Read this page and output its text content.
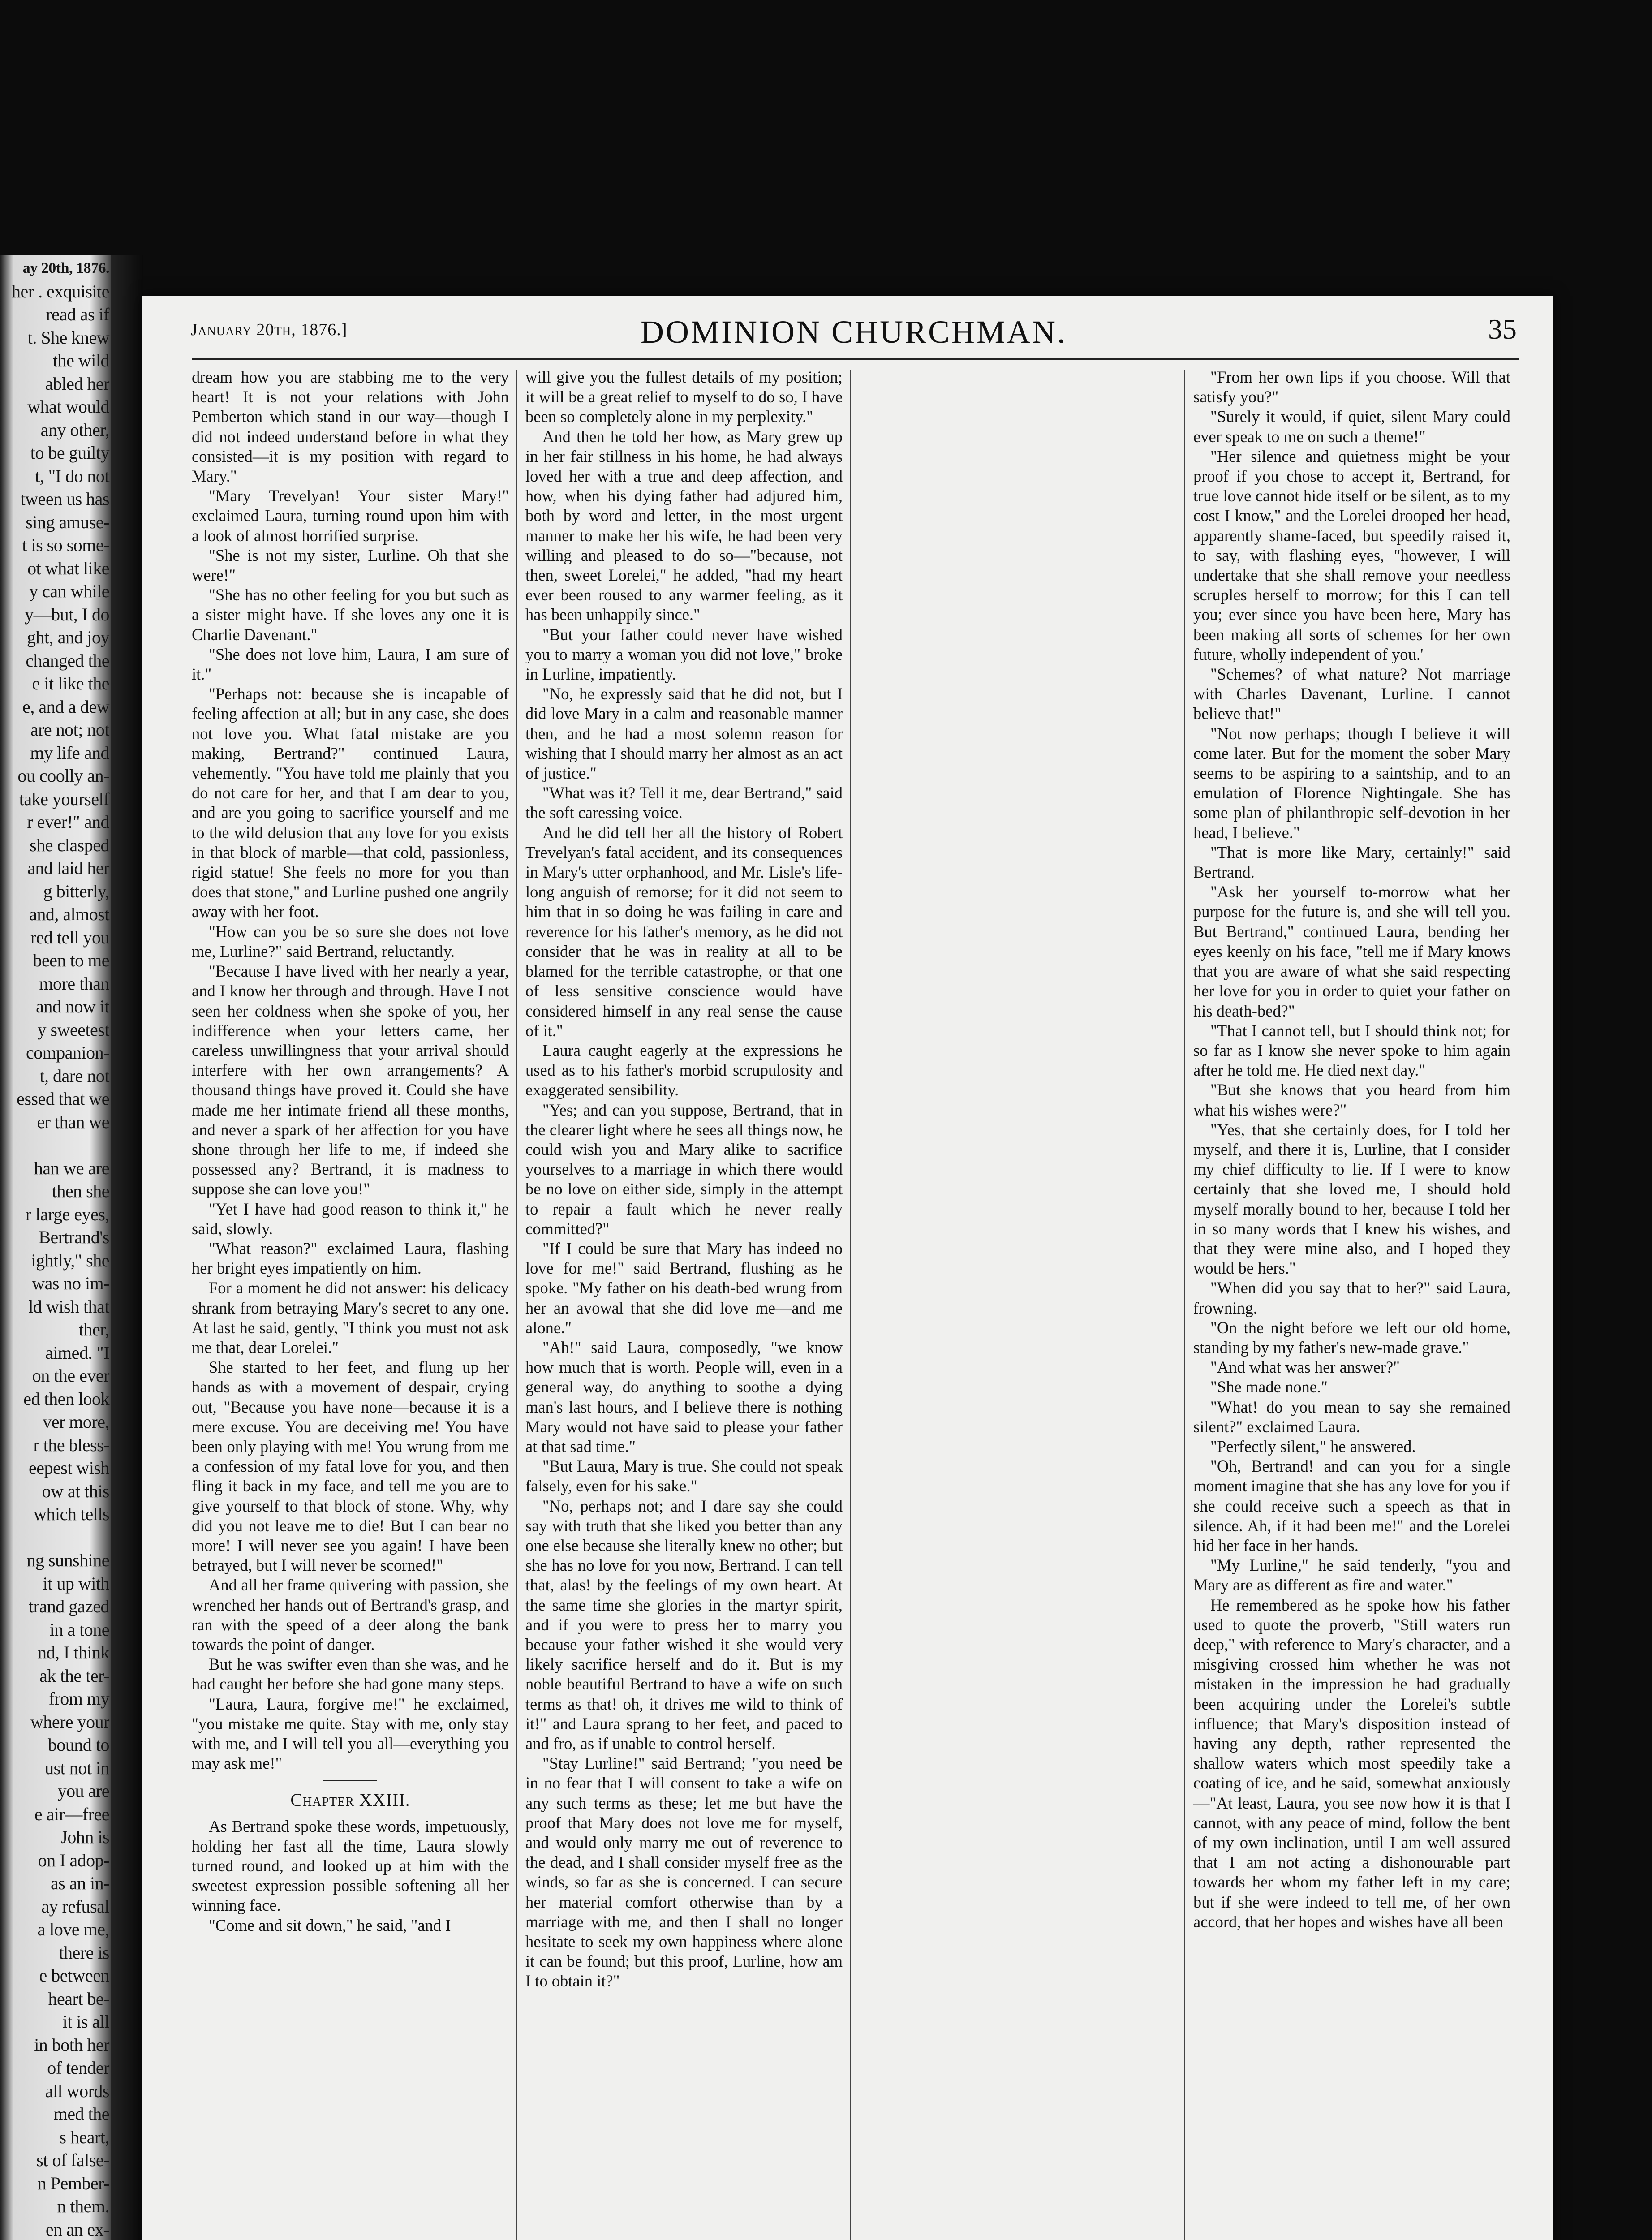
ay 20th, 1876.
her . exquisite
read as if
t. She knew
the wild
abled her
what would
any other,
to be guilty
t, "I do not
tween us has
sing amuse-
t is so some-
ot what like
y can while
y—but, I do
ght, and joy
changed the
e it like the
e, and a dew
are not; not
my life and
ou coolly an-
take yourself
r ever!" and
she clasped
and laid her
g bitterly,
and, almost
red tell you
been to me
more than
and now it
y sweetest
companion-
t, dare not
essed that we
er than we

han we are
then she
r large eyes,
Bertrand's
ightly," she
was no im-
ld wish that
ther,
aimed. "I
on the ever
ed then look
ver more,
r the bless-
eepest wish
ow at this
which tells

ng sunshine
it up with
trand gazed
in a tone
nd, I think
ak the ter-
from my
where your
bound to
ust not in
you are
e air—free
John is
on I adop-
as an in-
ay refusal
a love me,
there is
e between
heart be-
it is all
in both her
of tender
all words
med the
s heart,
st of false-
n Pember-
n them.
en an ex-

January 20th, 1876.]	DOMINION CHURCHMAN.	35

dream how you are stabbing me to the very heart! It is not your relations with John Pemberton which stand in our way—though I did not indeed understand before in what they consisted—it is my position with regard to Mary."

"Mary Trevelyan! Your sister Mary!" exclaimed Laura, turning round upon him with a look of almost horrified surprise.

"She is not my sister, Lurline. Oh that she were!"

"She has no other feeling for you but such as a sister might have. If she loves any one it is Charlie Davenant."

"She does not love him, Laura, I am sure of it."

"Perhaps not: because she is incapable of feeling affection at all; but in any case, she does not love you. What fatal mistake are you making, Bertrand?" continued Laura, vehemently. "You have told me plainly that you do not care for her, and that I am dear to you, and are you going to sacrifice yourself and me to the wild delusion that any love for you exists in that block of marble—that cold, passionless, rigid statue! She feels no more for you than does that stone," and Lurline pushed one angrily away with her foot.

"How can you be so sure she does not love me, Lurline?" said Bertrand, reluctantly.

"Because I have lived with her nearly a year, and I know her through and through. Have I not seen her coldness when she spoke of you, her indifference when your letters came, her careless unwillingness that your arrival should interfere with her own arrangements? A thousand things have proved it. Could she have made me her intimate friend all these months, and never a spark of her affection for you have shone through her life to me, if indeed she possessed any? Bertrand, it is madness to suppose she can love you!"

"Yet I have had good reason to think it," he said, slowly.

"What reason?" exclaimed Laura, flashing her bright eyes impatiently on him.

For a moment he did not answer: his delicacy shrank from betraying Mary's secret to any one. At last he said, gently, "I think you must not ask me that, dear Lorelei."

She started to her feet, and flung up her hands as with a movement of despair, crying out, "Because you have none—because it is a mere excuse. You are deceiving me! You have been only playing with me! You wrung from me a confession of my fatal love for you, and then fling it back in my face, and tell me you are to give yourself to that block of stone. Why, why did you not leave me to die! But I can bear no more! I will never see you again! I have been betrayed, but I will never be scorned!"

And all her frame quivering with passion, she wrenched her hands out of Bertrand's grasp, and ran with the speed of a deer along the bank towards the point of danger.

But he was swifter even than she was, and he had caught her before she had gone many steps.

"Laura, Laura, forgive me!" he exclaimed, "you mistake me quite. Stay with me, only stay with me, and I will tell you all—everything you may ask me!"

Chapter XXIII.

As Bertrand spoke these words, impetuously, holding her fast all the time, Laura slowly turned round, and looked up at him with the sweetest expression possible softening all her winning face.

"Come and sit down," he said, "and I

will give you the fullest details of my position; it will be a great relief to myself to do so, I have been so completely alone in my perplexity."

And then he told her how, as Mary grew up in her fair stillness in his home, he had always loved her with a true and deep affection, and how, when his dying father had adjured him, both by word and letter, in the most urgent manner to make her his wife, he had been very willing and pleased to do so—"because, not then, sweet Lorelei," he added, "had my heart ever been roused to any warmer feeling, as it has been unhappily since."

"But your father could never have wished you to marry a woman you did not love," broke in Lurline, impatiently.

"No, he expressly said that he did not, but I did love Mary in a calm and reasonable manner then, and he had a most solemn reason for wishing that I should marry her almost as an act of justice."

"What was it? Tell it me, dear Bertrand," said the soft caressing voice.

And he did tell her all the history of Robert Trevelyan's fatal accident, and its consequences in Mary's utter orphanhood, and Mr. Lisle's life-long anguish of remorse; for it did not seem to him that in so doing he was failing in care and reverence for his father's memory, as he did not consider that he was in reality at all to be blamed for the terrible catastrophe, or that one of less sensitive conscience would have considered himself in any real sense the cause of it."

Laura caught eagerly at the expressions he used as to his father's morbid scrupulosity and exaggerated sensibility.

"Yes; and can you suppose, Bertrand, that in the clearer light where he sees all things now, he could wish you and Mary alike to sacrifice yourselves to a marriage in which there would be no love on either side, simply in the attempt to repair a fault which he never really committed?"

"If I could be sure that Mary has indeed no love for me!" said Bertrand, flushing as he spoke. "My father on his death-bed wrung from her an avowal that she did love me—and me alone."

"Ah!" said Laura, composedly, "we know how much that is worth. People will, even in a general way, do anything to soothe a dying man's last hours, and I believe there is nothing Mary would not have said to please your father at that sad time."

"But Laura, Mary is true. She could not speak falsely, even for his sake."

"No, perhaps not; and I dare say she could say with truth that she liked you better than any one else because she literally knew no other; but she has no love for you now, Bertrand. I can tell that, alas! by the feelings of my own heart. At the same time she glories in the martyr spirit, and if you were to press her to marry you because your father wished it she would very likely sacrifice herself and do it. But is my noble beautiful Bertrand to have a wife on such terms as that! oh, it drives me wild to think of it!" and Laura sprang to her feet, and paced to and fro, as if unable to control herself.

"Stay Lurline!" said Bertrand; "you need be in no fear that I will consent to take a wife on any such terms as these; let me but have the proof that Mary does not love me for myself, and would only marry me out of reverence to the dead, and I shall consider myself free as the winds, so far as she is concerned. I can secure her material comfort otherwise than by a marriage with me, and then I shall no longer hesitate to seek my own happiness where alone it can be found; but this proof, Lurline, how am I to obtain it?"

"From her own lips if you choose. Will that satisfy you?"

"Surely it would, if quiet, silent Mary could ever speak to me on such a theme!"

"Her silence and quietness might be your proof if you chose to accept it, Bertrand, for true love cannot hide itself or be silent, as to my cost I know," and the Lorelei drooped her head, apparently shame-faced, but speedily raised it, to say, with flashing eyes, "however, I will undertake that she shall remove your needless scruples herself to morrow; for this I can tell you; ever since you have been here, Mary has been making all sorts of schemes for her own future, wholly independent of you.'

"Schemes? of what nature? Not marriage with Charles Davenant, Lurline. I cannot believe that!"

"Not now perhaps; though I believe it will come later. But for the moment the sober Mary seems to be aspiring to a saintship, and to an emulation of Florence Nightingale. She has some plan of philanthropic self-devotion in her head, I believe."

"That is more like Mary, certainly!" said Bertrand.

"Ask her yourself to-morrow what her purpose for the future is, and she will tell you. But Bertrand," continued Laura, bending her eyes keenly on his face, "tell me if Mary knows that you are aware of what she said respecting her love for you in order to quiet your father on his death-bed?"

"That I cannot tell, but I should think not; for so far as I know she never spoke to him again after he told me. He died next day."

"But she knows that you heard from him what his wishes were?"

"Yes, that she certainly does, for I told her myself, and there it is, Lurline, that I consider my chief difficulty to lie. If I were to know certainly that she loved me, I should hold myself morally bound to her, because I told her in so many words that I knew his wishes, and that they were mine also, and I hoped they would be hers."

"When did you say that to her?" said Laura, frowning.

"On the night before we left our old home, standing by my father's new-made grave."

"And what was her answer?"

"She made none."

"What! do you mean to say she remained silent?" exclaimed Laura.

"Perfectly silent," he answered.

"Oh, Bertrand! and can you for a single moment imagine that she has any love for you if she could receive such a speech as that in silence. Ah, if it had been me!" and the Lorelei hid her face in her hands.

"My Lurline," he said tenderly, "you and Mary are as different as fire and water."

He remembered as he spoke how his father used to quote the proverb, "Still waters run deep," with reference to Mary's character, and a misgiving crossed him whether he was not mistaken in the impression he had gradually been acquiring under the Lorelei's subtle influence; that Mary's disposition instead of having any depth, rather represented the shallow waters which most speedily take a coating of ice, and he said, somewhat anxiously—"At least, Laura, you see now how it is that I cannot, with any peace of mind, follow the bent of my own inclination, until I am well assured that I am not acting a dishonourable part towards her whom my father left in my care; but if she were indeed to tell me, of her own accord, that her hopes and wishes have all been
